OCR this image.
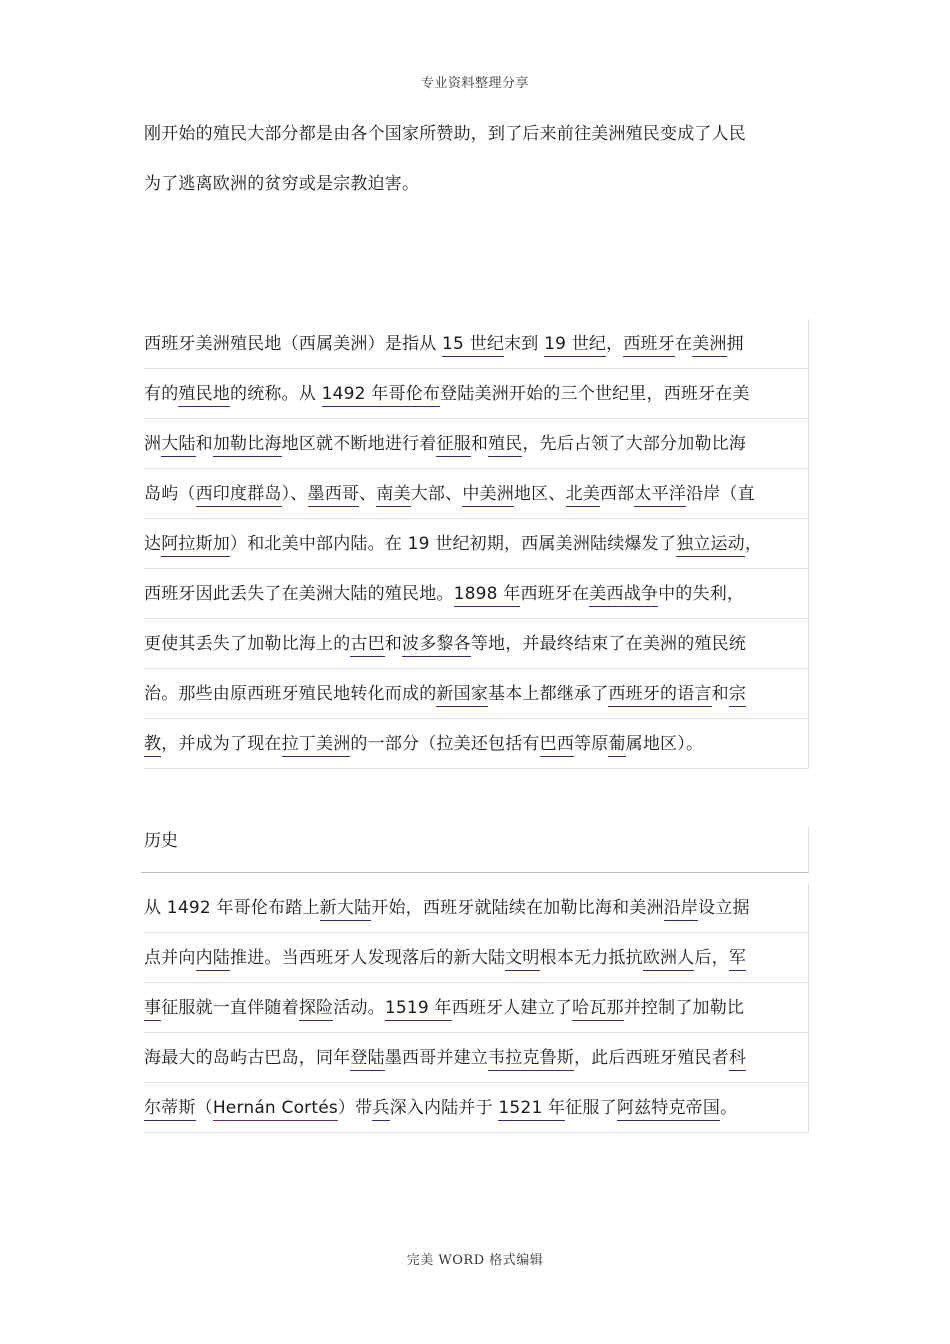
专业资料整理分享
刚开始的殖民大部分都是由各个国家所赞助，到了后来前往美洲殖民变成了人民
为了逃离欧洲的贫穷或是宗教迫害。
西班牙美洲殖民地（西属美洲）是指从 15 世纪末到 19 世纪，西班牙在美洲拥
有的殖民地的统称。从 1492 年哥伦布登陆美洲开始的三个世纪里，西班牙在美
洲大陆和加勒比海地区就不断地进行着征服和殖民，先后占领了大部分加勒比海
岛屿（西印度群岛）、墨西哥、南美大部、中美洲地区、北美西部太平洋沿岸（直
达阿拉斯加）和北美中部内陆。在 19 世纪初期，西属美洲陆续爆发了独立运动，
西班牙因此丢失了在美洲大陆的殖民地。1898 年西班牙在美西战争中的失利，
更使其丢失了加勒比海上的古巴和波多黎各等地，并最终结束了在美洲的殖民统
治。那些由原西班牙殖民地转化而成的新国家基本上都继承了西班牙的语言和宗
教，并成为了现在拉丁美洲的一部分（拉美还包括有巴西等原葡属地区）。
历史
从 1492 年哥伦布踏上新大陆开始，西班牙就陆续在加勒比海和美洲沿岸设立据
点并向内陆推进。当西班牙人发现落后的新大陆文明根本无力抵抗欧洲人后，军
事征服就一直伴随着探险活动。1519 年西班牙人建立了哈瓦那并控制了加勒比
海最大的岛屿古巴岛，同年登陆墨西哥并建立韦拉克鲁斯，此后西班牙殖民者科
尔蒂斯（Hernán Cortés）带兵深入内陆并于 1521 年征服了阿兹特克帝国。
完美 WORD 格式编辑
